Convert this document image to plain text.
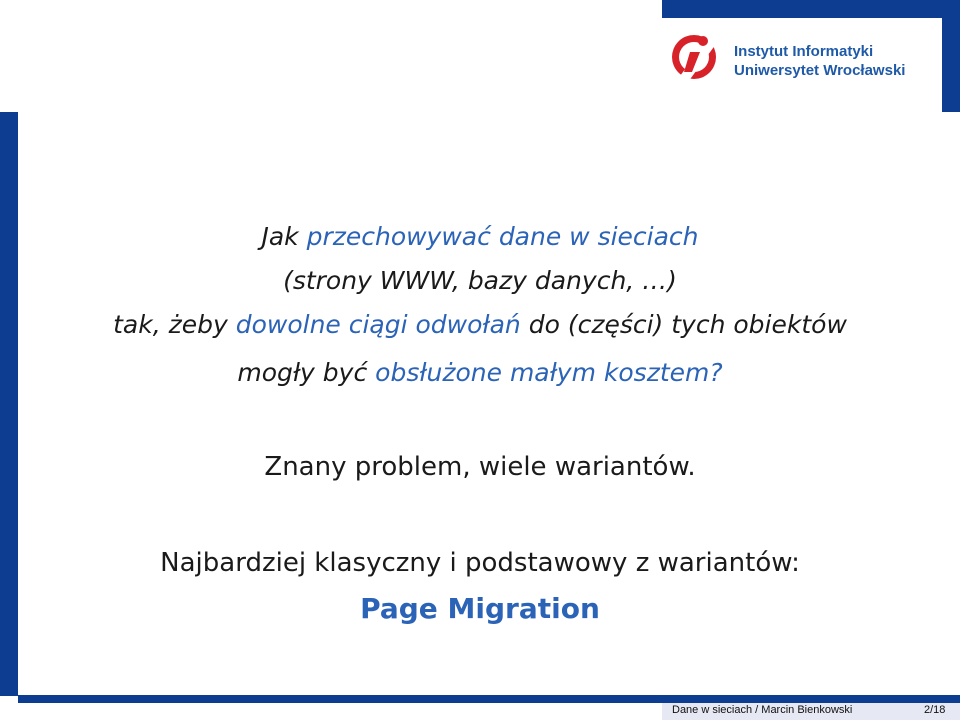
Instytut Informatyki
Uniwersytet Wrocławski
Jak przechowywać dane w sieciach
(strony WWW, bazy danych, …)
tak, żeby dowolne ciągi odwołań do (części) tych obiektów
mogły być obsłużone małym kosztem?
Znany problem, wiele wariantów.
Najbardziej klasyczny i podstawowy z wariantów:
Page Migration
Dane w sieciach / Marcin Bienkowski	2/18
